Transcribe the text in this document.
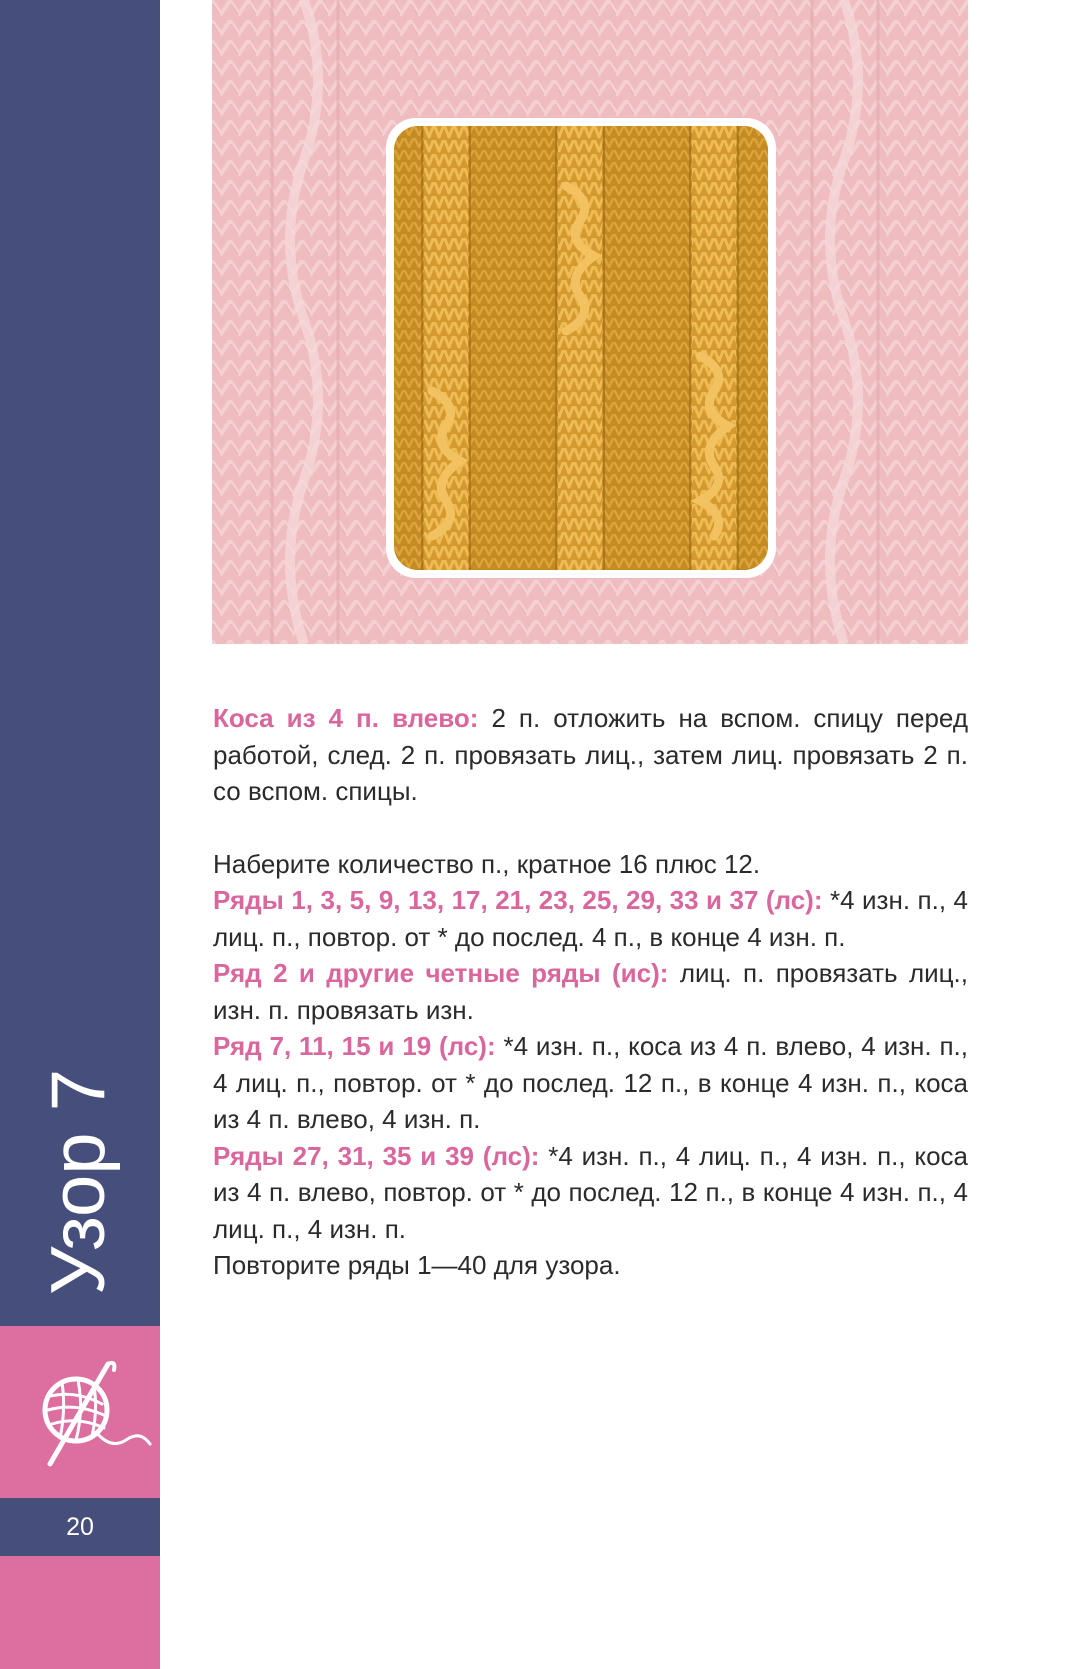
Узор 7
20

Коса из 4 п. влево: 2 п. отложить на вспом. спицу перед работой, след. 2 п. провязать лиц., затем лиц. провязать 2 п. со вспом. спицы.

Наберите количество п., кратное 16 плюс 12.

Ряды 1, 3, 5, 9, 13, 17, 21, 23, 25, 29, 33 и 37 (лс): *4 изн. п., 4 лиц. п., повтор. от * до послед. 4 п., в конце 4 изн. п.

Ряд 2 и другие четные ряды (ис): лиц. п. провязать лиц., изн. п. провязать изн.

Ряд 7, 11, 15 и 19 (лс): *4 изн. п., коса из 4 п. влево, 4 изн. п., 4 лиц. п., повтор. от * до послед. 12 п., в конце 4 изн. п., коса из 4 п. влево, 4 изн. п.

Ряды 27, 31, 35 и 39 (лс): *4 изн. п., 4 лиц. п., 4 изн. п., коса из 4 п. влево, повтор. от * до послед. 12 п., в конце 4 изн. п., 4 лиц. п., 4 изн. п.

Повторите ряды 1—40 для узора.
